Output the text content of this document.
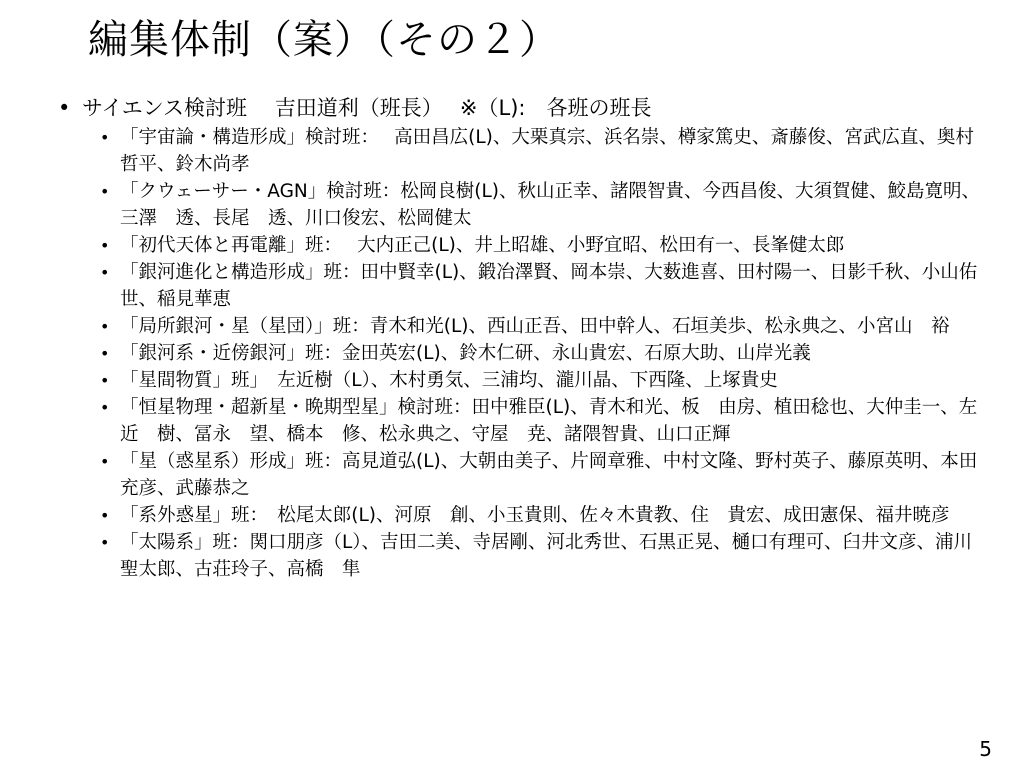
編集体制（案）（その２）
• サイエンス検討班　 吉田道利（班長）　 ※（L):　各班の班長
• 「宇宙論・構造形成」検討班：　 高田昌広(L)、大栗真宗、浜名崇、樽家篤史、斎藤俊、宮武広直、奥村哲平、鈴木尚孝
• 「クウェーサー・AGN」検討班：松岡良樹(L)、秋山正幸、諸隈智貴、今西昌俊、大須賀健、鮫島寛明、三澤　透、長尾　透、川口俊宏、松岡健太
• 「初代天体と再電離」班：　 大内正己(L)、井上昭雄、小野宜昭、松田有一、長峯健太郎
• 「銀河進化と構造形成」班：田中賢幸(L)、鍛冶澤賢、岡本崇、大薮進喜、田村陽一、日影千秋、小山佑世、稲見華恵
• 「局所銀河・星（星団）」班：青木和光(L)、西山正吾、田中幹人、石垣美歩、松永典之、小宮山　裕
• 「銀河系・近傍銀河」班：金田英宏(L)、鈴木仁研、永山貴宏、石原大助、山岸光義
• 「星間物質」班」　左近樹（L）、木村勇気、三浦均、瀧川晶、下西隆、上塚貴史
• 「恒星物理・超新星・晩期型星」検討班：田中雅臣(L)、青木和光、板　由房、植田稔也、大仲圭一、左近　樹、冨永　望、橋本　修、松永典之、守屋　尭、諸隈智貴、山口正輝
• 「星（惑星系）形成」班：高見道弘(L)、大朝由美子、片岡章雅、中村文隆、野村英子、藤原英明、本田充彦、武藤恭之
• 「系外惑星」班：　松尾太郎(L)、河原　創、小玉貴則、佐々木貴教、住　貴宏、成田憲保、福井暁彦
• 「太陽系」班：関口朋彦（L）、吉田二美、寺居剛、河北秀世、石黒正晃、樋口有理可、臼井文彦、浦川聖太郎、古荘玲子、高橋　隼
5
